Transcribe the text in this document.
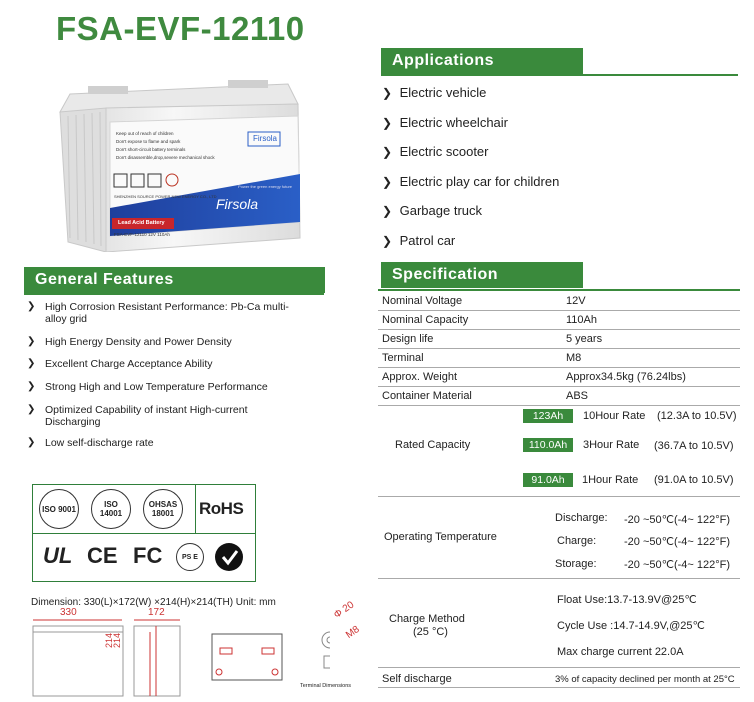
FSA-EVF-12110
Keep out of reach of children
Don't expose to flame and spark
Don't short-circuit battery terminals
Don't disassemble,drop,severe mechanical shock
Firsola
SHENZHEN SOURCE POWER NEW ENERGY CO., LTD
Power the green energy future
Firsola
Lead Acid Battery
FSA-EVF-12110 12V 110Ah
Applications
❯ Electric vehicle
❯ Electric wheelchair
❯ Electric scooter
❯ Electric play car for children
❯ Garbage truck
❯ Patrol car
General Features
❯ High Corrosion Resistant Performance: Pb-Ca multi-alloy grid
❯ High Energy Density and Power Density
❯ Excellent Charge Acceptance Ability
❯ Strong High and Low Temperature Performance
❯ Optimized Capability of instant High-current Discharging
❯ Low self-discharge rate
ISO 9001	ISO 14001
OHSAS 18001	RoHS
UL CE FC	PS E
Dimension: 330(L)×172(W) ×214(H)×214(TH) Unit: mm
330	172
214
214
Φ 20
M8
Terminal Dimensions
Specification
Nominal Voltage	12V
Nominal Capacity	110Ah
Design life	5 years
Terminal	M8
Approx. Weight	Approx34.5kg (76.24lbs)
Container Material	ABS
Rated Capacity
123Ah	10Hour Rate (12.3A to 10.5V)
110.0Ah	3Hour Rate (36.7A to 10.5V)
91.0Ah	1Hour Rate (91.0A to 10.5V)
Operating Temperature
Discharge: -20 ~50℃(-4~ 122°F)
Charge:	-20 ~50℃(-4~ 122°F)
Storage: -20 ~50℃(-4~ 122°F)
Charge Method
(25 °C)
Float Use:13.7-13.9V@25℃
Cycle Use :14.7-14.9V,@25℃
Max charge current 22.0A
Self discharge	3% of capacity declined per month at 25°C
